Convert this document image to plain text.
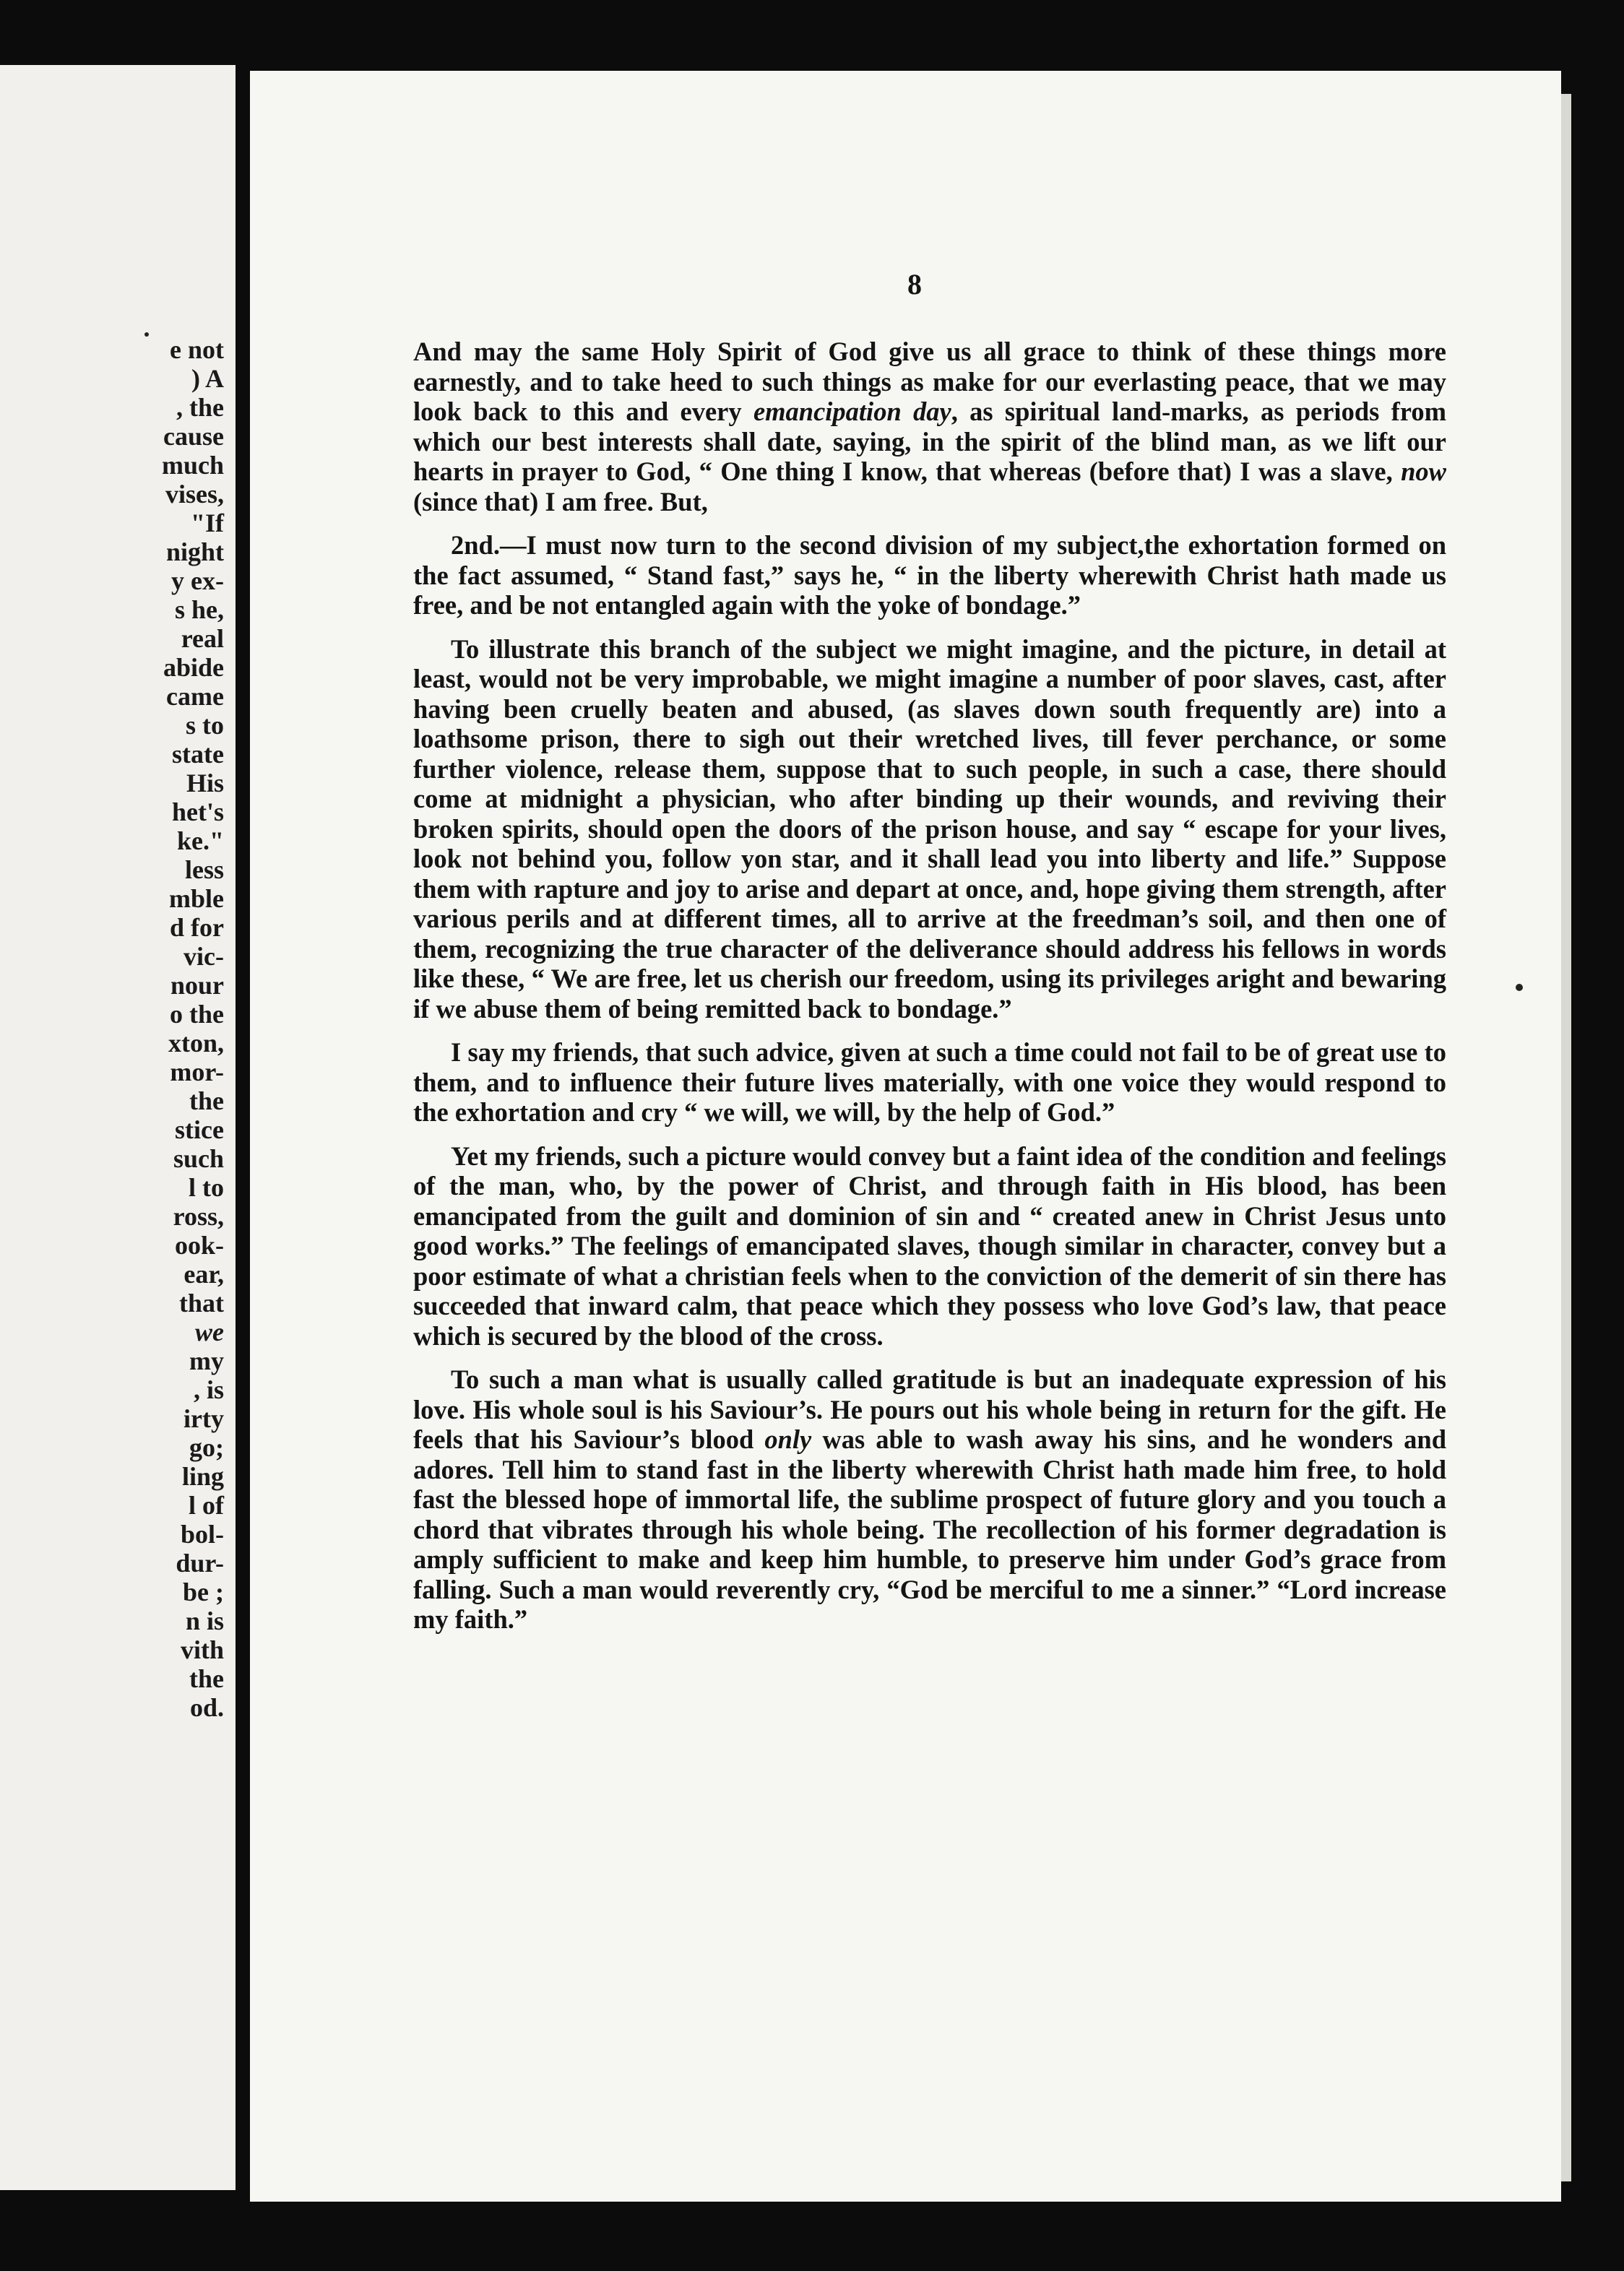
e not
) A
, the
cause
much
vises,
"If
night
y ex-
s he,
real
abide
came
s to
state
His
het's
ke."
less
mble
d for
vic-
nour
o the
xton,
mor-
the
stice
such
l to
ross,
ook-
ear,
that
we
my
, is
irty
go;
ling
l of
bol-
dur-
be ;
n is
vith
the
od.
8

And may the same Holy Spirit of God give us all grace to think of these things more earnestly, and to take heed to such things as make for our everlasting peace, that we may look back to this and every emancipation day, as spiritual land-marks, as periods from which our best interests shall date, saying, in the spirit of the blind man, as we lift our hearts in prayer to God, “ One thing I know, that whereas (before that) I was a slave, now (since that) I am free. But,

2nd.—I must now turn to the second division of my subject,the exhortation formed on the fact assumed, “ Stand fast,” says he, “ in the liberty wherewith Christ hath made us free, and be not entangled again with the yoke of bondage.”

To illustrate this branch of the subject we might imagine, and the picture, in detail at least, would not be very improbable, we might imagine a number of poor slaves, cast, after having been cruelly beaten and abused, (as slaves down south frequently are) into a loathsome prison, there to sigh out their wretched lives, till fever perchance, or some further violence, release them, suppose that to such people, in such a case, there should come at midnight a physician, who after binding up their wounds, and reviving their broken spirits, should open the doors of the prison house, and say “ escape for your lives, look not behind you, follow yon star, and it shall lead you into liberty and life.” Suppose them with rapture and joy to arise and depart at once, and, hope giving them strength, after various perils and at different times, all to arrive at the freedman’s soil, and then one of them, recognizing the true character of the deliverance should address his fellows in words like these, “ We are free, let us cherish our freedom, using its privileges aright and bewaring if we abuse them of being remitted back to bondage.”

I say my friends, that such advice, given at such a time could not fail to be of great use to them, and to influence their future lives materially, with one voice they would respond to the exhortation and cry “ we will, we will, by the help of God.”

Yet my friends, such a picture would convey but a faint idea of the condition and feelings of the man, who, by the power of Christ, and through faith in His blood, has been emancipated from the guilt and dominion of sin and “ created anew in Christ Jesus unto good works.” The feelings of emancipated slaves, though similar in character, convey but a poor estimate of what a christian feels when to the conviction of the demerit of sin there has succeeded that inward calm, that peace which they possess who love God’s law, that peace which is secured by the blood of the cross.

To such a man what is usually called gratitude is but an inadequate expression of his love. His whole soul is his Saviour’s. He pours out his whole being in return for the gift. He feels that his Saviour’s blood only was able to wash away his sins, and he wonders and adores. Tell him to stand fast in the liberty wherewith Christ hath made him free, to hold fast the blessed hope of immortal life, the sublime prospect of future glory and you touch a chord that vibrates through his whole being. The recollection of his former degradation is amply sufficient to make and keep him humble, to preserve him under God’s grace from falling. Such a man would reverently cry, “God be merciful to me a sinner.” “Lord increase my faith.”
